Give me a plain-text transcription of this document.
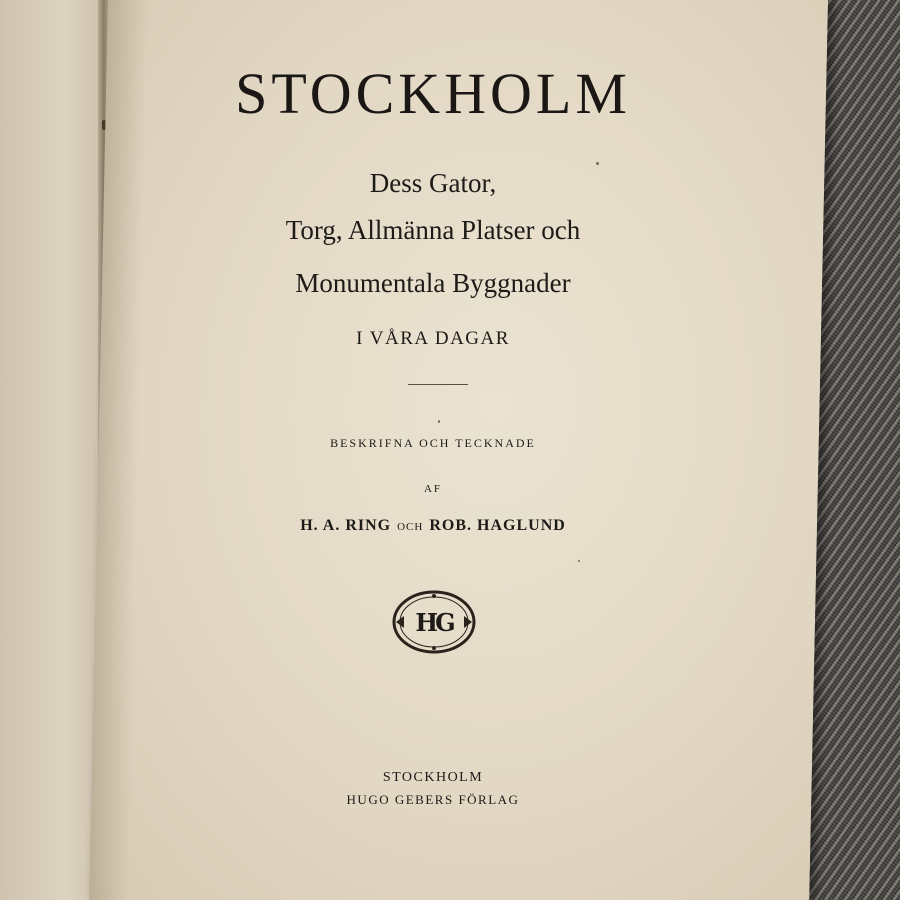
STOCKHOLM
Dess Gator,
Torg, Allmänna Platser och
Monumentala Byggnader
I VÅRA DAGAR
BESKRIFNA OCH TECKNADE
AF
H. A. RING OCH ROB. HAGLUND
HG
STOCKHOLM
HUGO GEBERS FÖRLAG
